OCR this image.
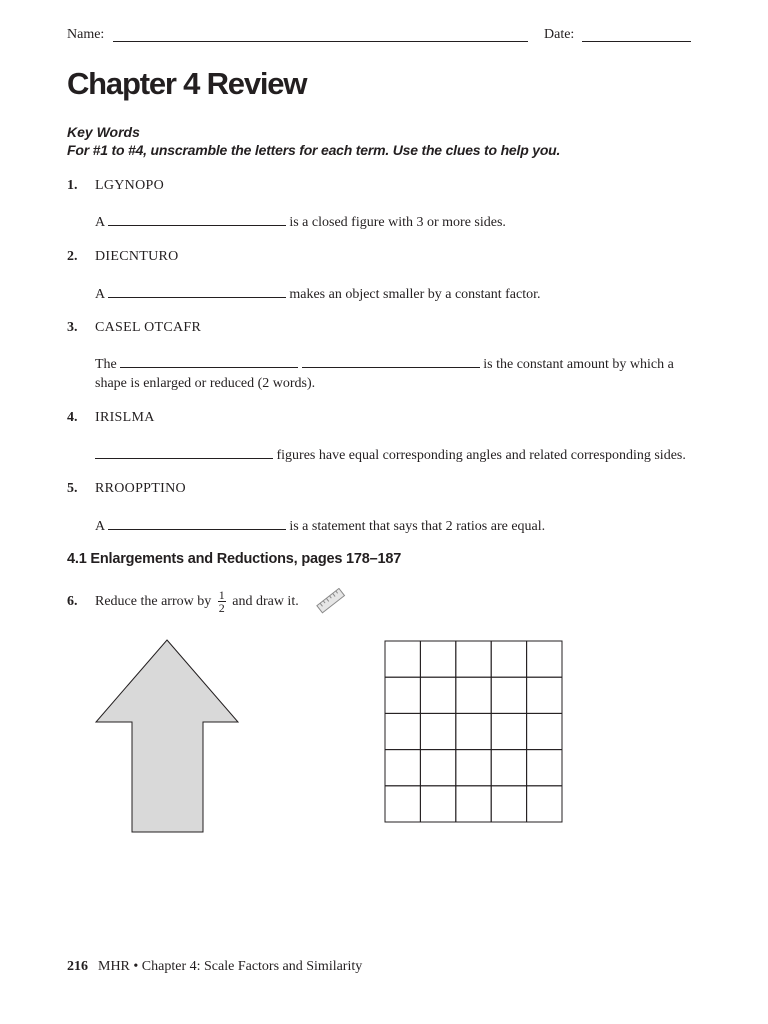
Name:	Date:
Chapter 4 Review
Key Words
For #1 to #4, unscramble the letters for each term. Use the clues to help you.
1. LGYNOPO
A	is a closed figure with 3 or more sides.
2. DIECNTURO
A	makes an object smaller by a constant factor.
3. CASEL OTCAFR
The	is the constant amount by which a
shape is enlarged or reduced (2 words).
4. IRISLMA
figures have equal corresponding angles and related corresponding sides.
5. RROOPPTINO
A	is a statement that says that 2 ratios are equal.
4.1 Enlargements and Reductions, pages 178–187
6. Reduce the arrow by $\frac{1}{2}$ and draw it.
216 MHR • Chapter 4: Scale Factors and Similarity
